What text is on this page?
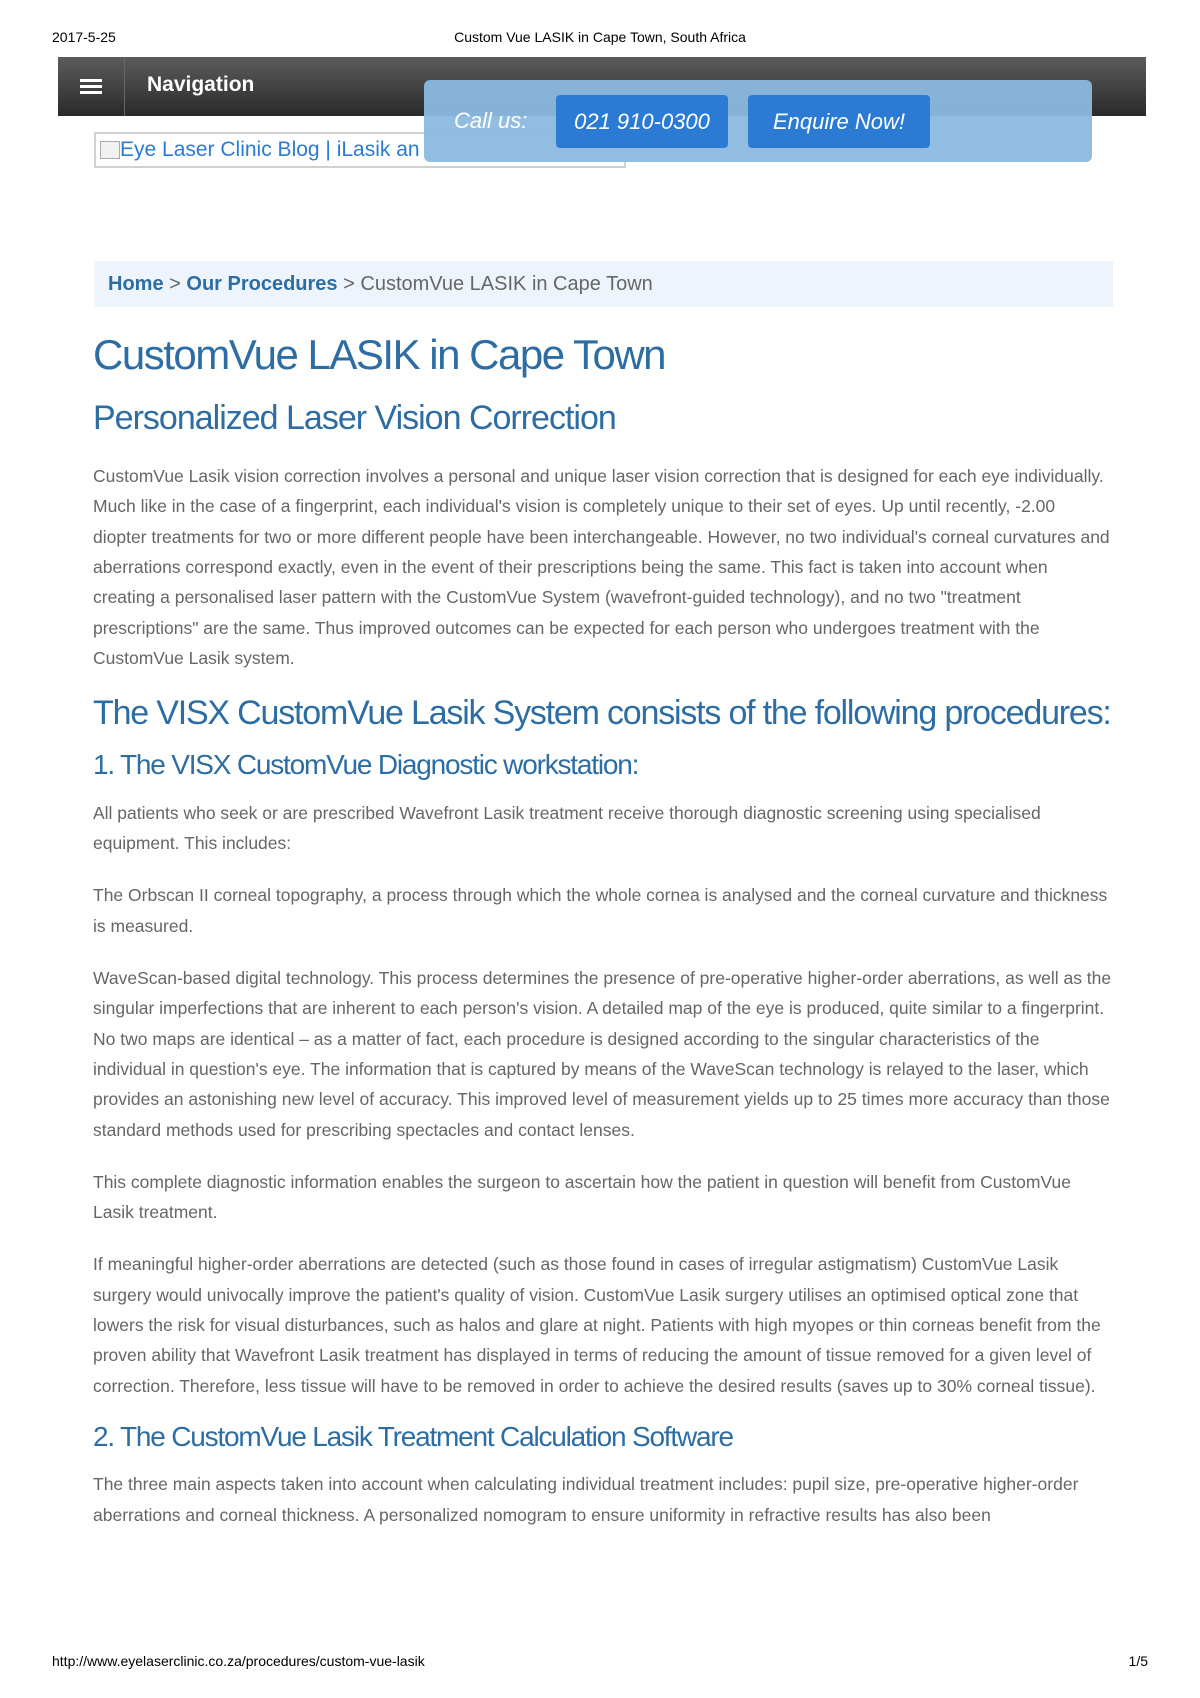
2017-5-25	Custom Vue LASIK in Cape Town, South Africa
Navigation
Eye Laser Clinic Blog | iLasik an
Call us:	021 910-0300	Enquire Now!
Home > Our Procedures > CustomVue LASIK in Cape Town
CustomVue LASIK in Cape Town
Personalized Laser Vision Correction

CustomVue Lasik vision correction involves a personal and unique laser vision correction that is designed for each eye individually. Much like in the case of a fingerprint, each individual's vision is completely unique to their set of eyes. Up until recently, -2.00 diopter treatments for two or more different people have been interchangeable. However, no two individual's corneal curvatures and aberrations correspond exactly, even in the event of their prescriptions being the same. This fact is taken into account when creating a personalised laser pattern with the CustomVue System (wavefront-guided technology), and no two "treatment prescriptions" are the same. Thus improved outcomes can be expected for each person who undergoes treatment with the CustomVue Lasik system.

The VISX CustomVue Lasik System consists of the following procedures:
1. The VISX CustomVue Diagnostic workstation:

All patients who seek or are prescribed Wavefront Lasik treatment receive thorough diagnostic screening using specialised equipment. This includes:

The Orbscan II corneal topography, a process through which the whole cornea is analysed and the corneal curvature and thickness is measured.

WaveScan-based digital technology. This process determines the presence of pre-operative higher-order aberrations, as well as the singular imperfections that are inherent to each person's vision. A detailed map of the eye is produced, quite similar to a fingerprint. No two maps are identical – as a matter of fact, each procedure is designed according to the singular characteristics of the individual in question's eye. The information that is captured by means of the WaveScan technology is relayed to the laser, which provides an astonishing new level of accuracy. This improved level of measurement yields up to 25 times more accuracy than those standard methods used for prescribing spectacles and contact lenses.

This complete diagnostic information enables the surgeon to ascertain how the patient in question will benefit from CustomVue Lasik treatment.

If meaningful higher-order aberrations are detected (such as those found in cases of irregular astigmatism) CustomVue Lasik surgery would univocally improve the patient's quality of vision. CustomVue Lasik surgery utilises an optimised optical zone that lowers the risk for visual disturbances, such as halos and glare at night. Patients with high myopes or thin corneas benefit from the proven ability that Wavefront Lasik treatment has displayed in terms of reducing the amount of tissue removed for a given level of correction. Therefore, less tissue will have to be removed in order to achieve the desired results (saves up to 30% corneal tissue).

2. The CustomVue Lasik Treatment Calculation Software

The three main aspects taken into account when calculating individual treatment includes: pupil size, pre-operative higher-order aberrations and corneal thickness. A personalized nomogram to ensure uniformity in refractive results has also been

http://www.eyelaserclinic.co.za/procedures/custom-vue-lasik	1/5
